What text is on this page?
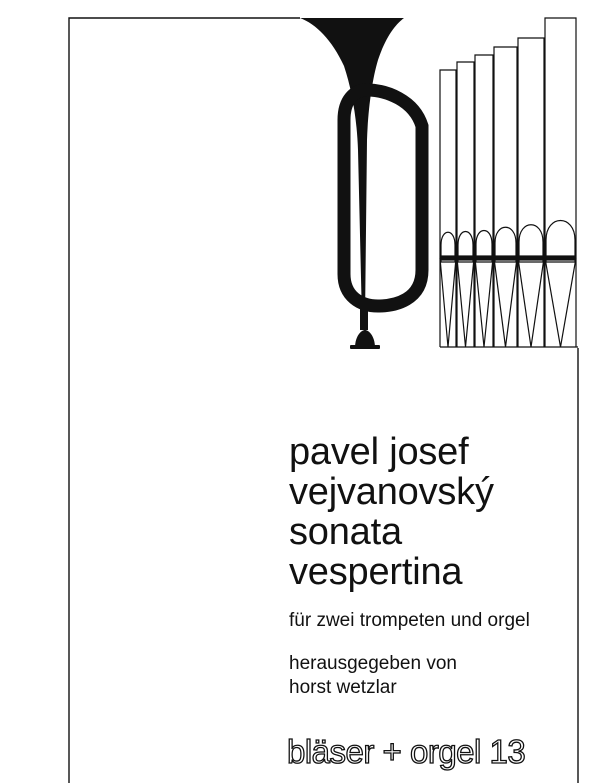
pavel josef
vejvanovský
sonata
vespertina
für zwei trompeten und orgel
herausgegeben von
horst wetzlar
bläser + orgel 13
